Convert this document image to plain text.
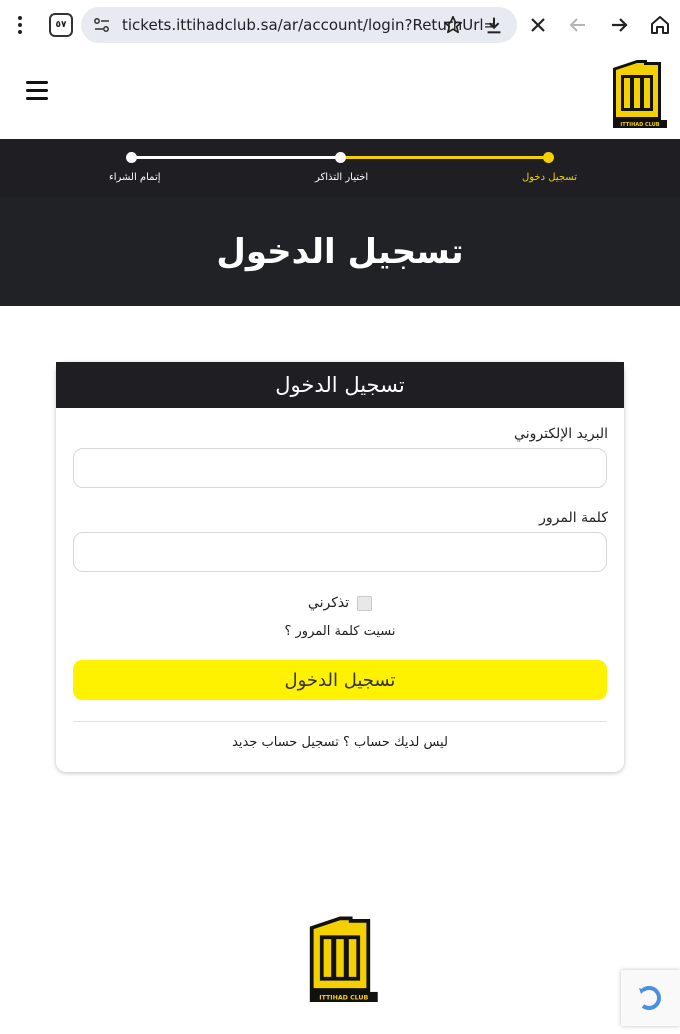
٥٧	tickets.ittihadclub.sa/ar/account/login?ReturnUrl=
ITTIHAD CLUB
تسجيل دخول
اختيار التذاكر
إتمام الشراء
تسجيل الدخول
تسجيل الدخول
البريد الإلكتروني
كلمة المرور
تذكرني
نسيت كلمة المرور ؟
تسجيل الدخول
ليس لديك حساب ؟ تسجيل حساب جديد
ITTIHAD CLUB
